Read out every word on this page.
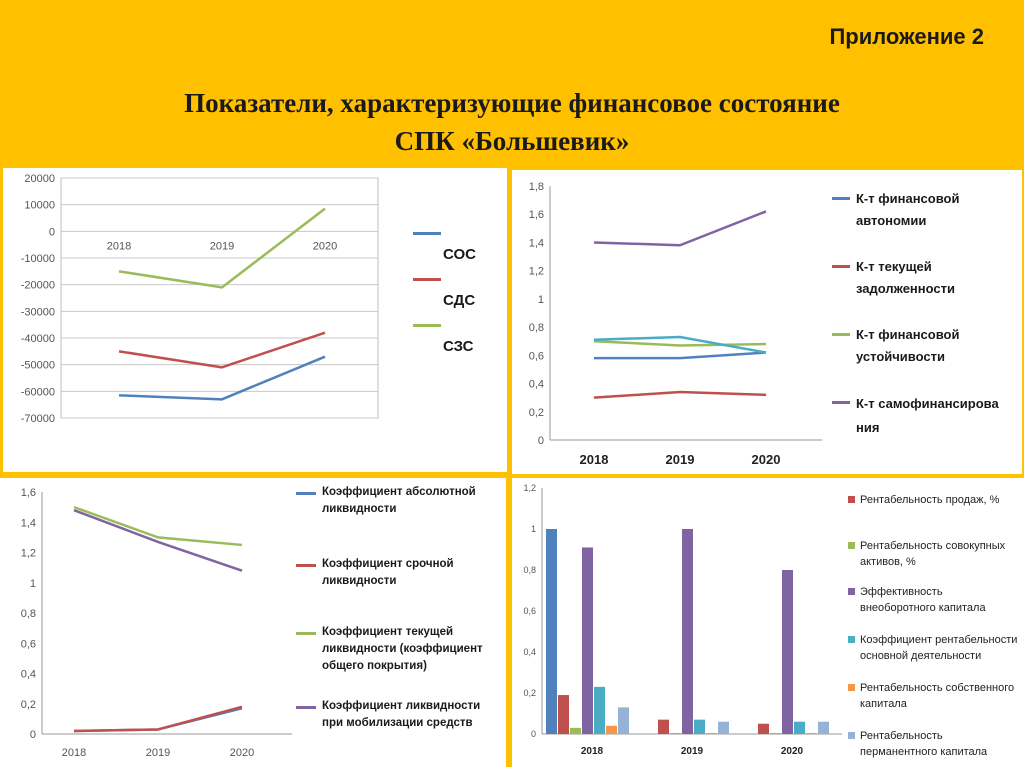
Приложение 2
Показатели, характеризующие финансовое состояние
СПК «Большевик»
20000
10000
0
-10000
-20000
-30000
-40000
-50000
-60000
-70000
2018	2019	2020	СОС
СДС
СЗС
1,8
1,6
1,4
1,2
1
0,8
0,6
0,4
0,2
0
2018	2019	2020
К-т финансовой автономии
К-т текущей задолженности
К-т финансовой устойчивости
К-т самофинансирования
1,6
1,4
1,2
1
0,8
0,6
0,4
0,2
0
2018	2019	2020
Коэффициент абсолютной ликвидности
Коэффициент срочной ликвидности
Коэффициент текущей ликвидности (коэффициент общего покрытия)
Коэффициент ликвидности при мобилизации средств
1,2
1
0,8
0,6
0,4
0,2
0
2018	2019	2020
Рентабельность продаж, %
Рентабельность совокупных активов, %
Эффективность внеоборотного капитала
Коэффициент рентабельности основной деятельности
Рентабельность собственного капитала
Рентабельность перманентного капитала
